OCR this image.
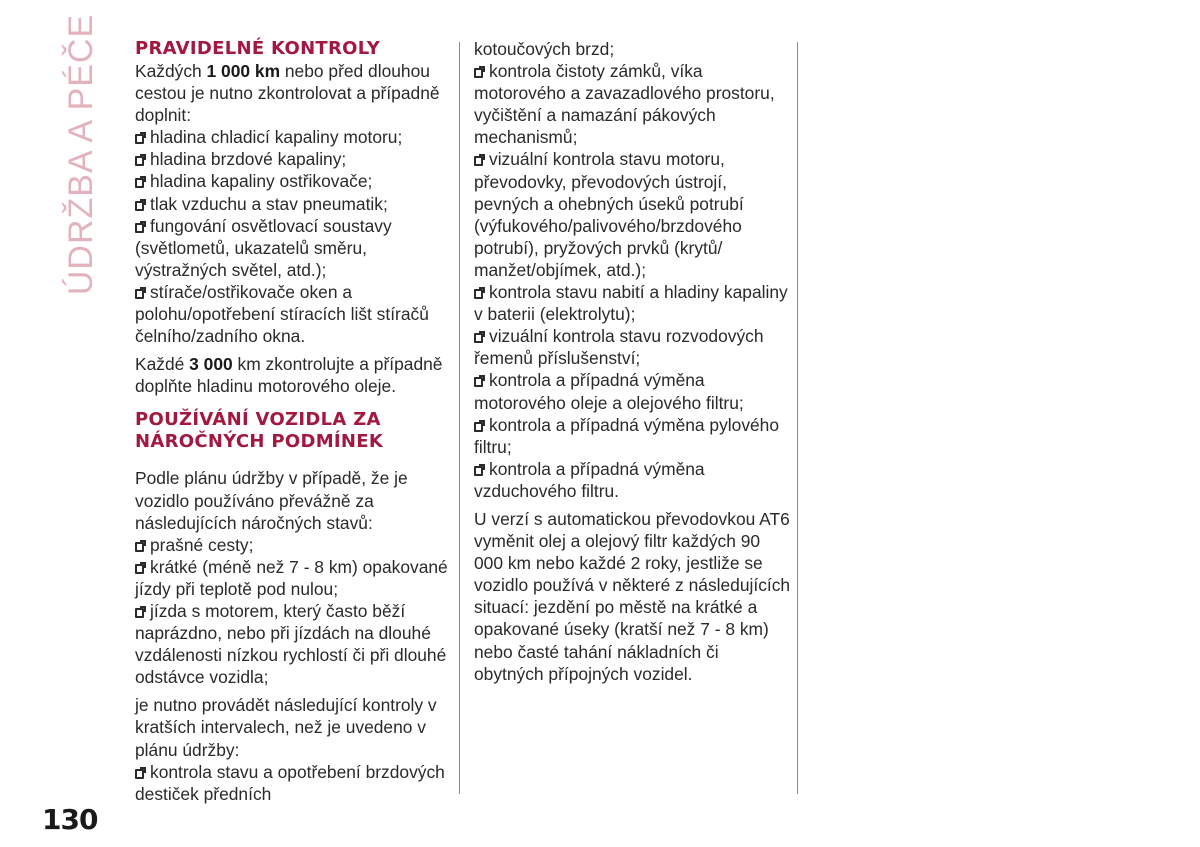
ÚDRŽBA A PÉČE PRAVIDELNÉ KONTROLY

Každých 1 000 km nebo před dlouhou cestou je nutno zkontrolovat a případně doplnit:

hladina chladicí kapaliny motoru;

hladina brzdové kapaliny;

hladina kapaliny ostřikovače;

tlak vzduchu a stav pneumatik;

fungování osvětlovací soustavy (světlometů, ukazatelů směru, výstražných světel, atd.);

stírače/ostřikovače oken a polohu/opotřebení stíracích lišt stíračů čelního/zadního okna.

Každé 3 000 km zkontrolujte a případně doplňte hladinu motorového oleje.

POUŽÍVÁNÍ VOZIDLA ZA NÁROČNÝCH PODMÍNEK

Podle plánu údržby v případě, že je vozidlo používáno převážně za následujících náročných stavů:

prašné cesty;

krátké (méně než 7 - 8 km) opakované jízdy při teplotě pod nulou;

jízda s motorem, který často běží naprázdno, nebo při jízdách na dlouhé vzdálenosti nízkou rychlostí či při dlouhé odstávce vozidla;

je nutno provádět následující kontroly v kratších intervalech, než je uvedeno v plánu údržby:

kontrola stavu a opotřebení brzdových destiček předních

kotoučových brzd;

kontrola čistoty zámků, víka motorového a zavazadlového prostoru, vyčištění a namazání pákových mechanismů;

vizuální kontrola stavu motoru, převodovky, převodových ústrojí, pevných a ohebných úseků potrubí (výfukového/palivového/brzdového potrubí), pryžových prvků (krytů/ manžet/objímek, atd.);

kontrola stavu nabití a hladiny kapaliny v baterii (elektrolytu);

vizuální kontrola stavu rozvodových řemenů příslušenství;

kontrola a případná výměna motorového oleje a olejového filtru;

kontrola a případná výměna pylového filtru;

kontrola a případná výměna vzduchového filtru.

U verzí s automatickou převodovkou AT6 vyměnit olej a olejový filtr každých 90 000 km nebo každé 2 roky, jestliže se vozidlo používá v některé z následujících situací: jezdění po městě na krátké a opakované úseky (kratší než 7 - 8 km) nebo časté tahání nákladních či obytných přípojných vozidel.

130
